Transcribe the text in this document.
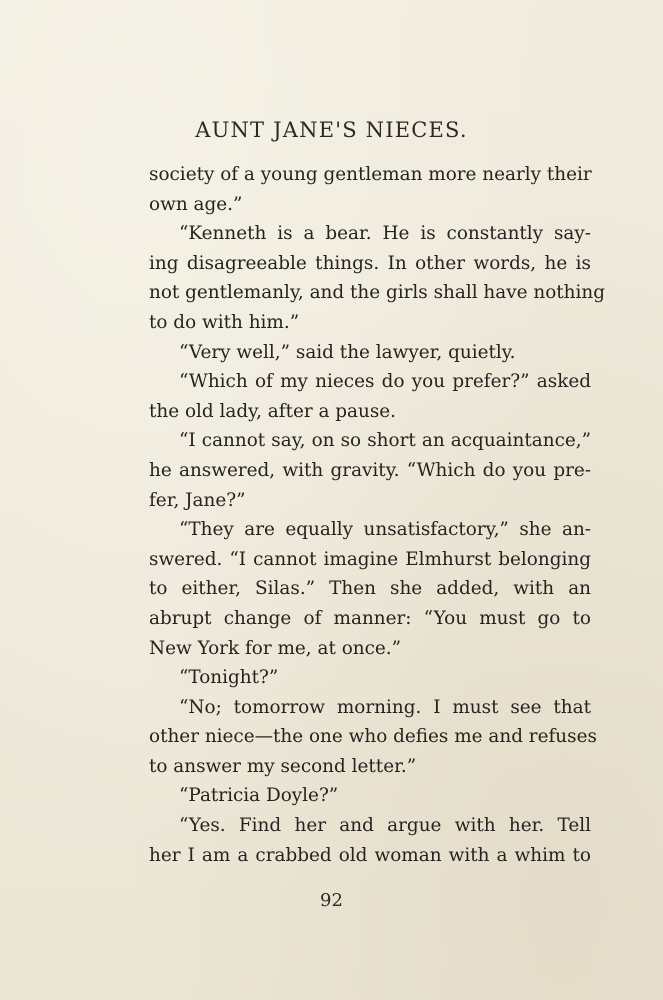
AUNT JANE'S NIECES.
society of a young gentleman more nearly their
own age.”
“Kenneth is a bear. He is constantly say-
ing disagreeable things. In other words, he is
not gentlemanly, and the girls shall have nothing
to do with him.”
“Very well,” said the lawyer, quietly.
“Which of my nieces do you prefer?” asked
the old lady, after a pause.
“I cannot say, on so short an acquaintance,”
he answered, with gravity. “Which do you pre-
fer, Jane?”
“They are equally unsatisfactory,” she an-
swered. “I cannot imagine Elmhurst belonging
to either, Silas.” Then she added, with an
abrupt change of manner: “You must go to
New York for me, at once.”
“Tonight?”
“No; tomorrow morning. I must see that
other niece—the one who defies me and refuses
to answer my second letter.”
“Patricia Doyle?”
“Yes. Find her and argue with her. Tell
her I am a crabbed old woman with a whim to

92
